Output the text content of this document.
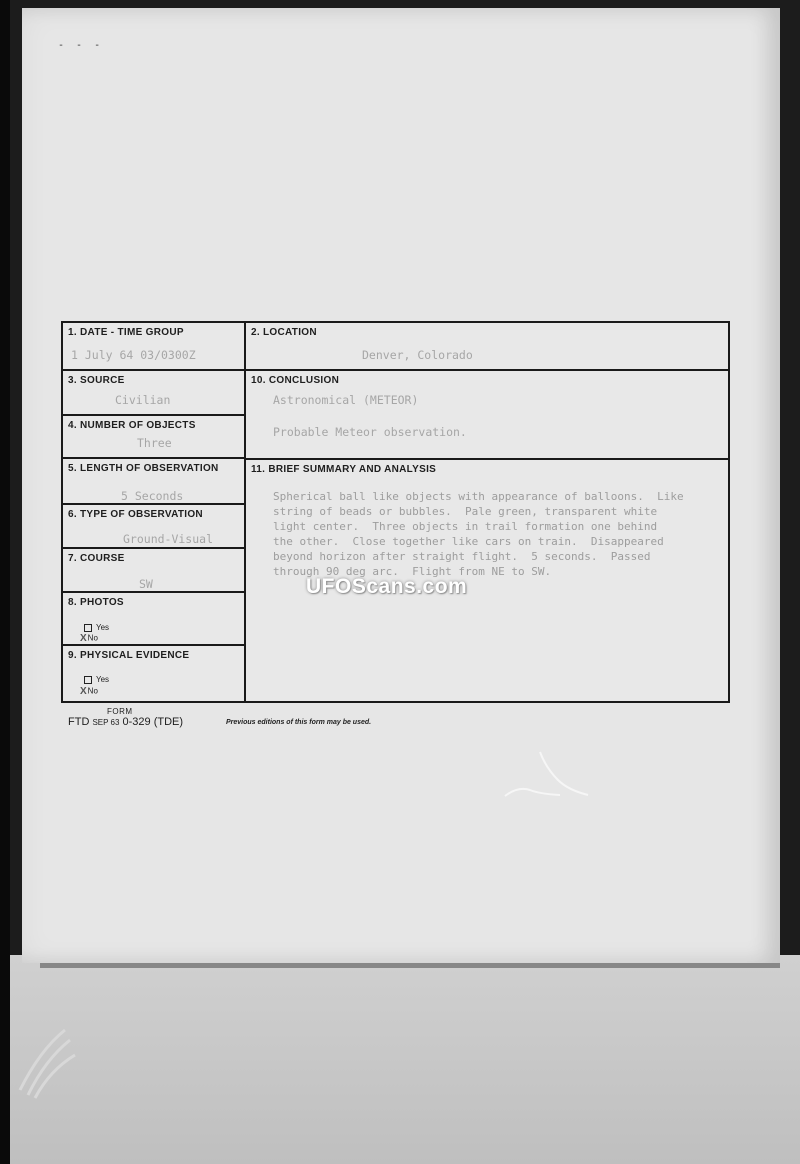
- - -
1. DATE - TIME GROUP
1 July 64 03/0300Z
3. SOURCE
Civilian
4. NUMBER OF OBJECTS
Three
5. LENGTH OF OBSERVATION
5 Seconds
6. TYPE OF OBSERVATION
Ground-Visual
7. COURSE
SW
8. PHOTOS
Yes
XNo
9. PHYSICAL EVIDENCE
Yes
XNo
2. LOCATION
Denver, Colorado
10. CONCLUSION
Astronomical (METEOR)
Probable Meteor observation.
11. BRIEF SUMMARY AND ANALYSIS
Spherical ball like objects with appearance of balloons.  Like
string of beads or bubbles.  Pale green, transparent white
light center.  Three objects in trail formation one behind
the other.  Close together like cars on train.  Disappeared
beyond horizon after straight flight.  5 seconds.  Passed
through 90 deg arc.  Flight from NE to SW.
FORM
FTD SEP 63 0-329 (TDE)	Previous editions of this form may be used.
UFOScans.com
